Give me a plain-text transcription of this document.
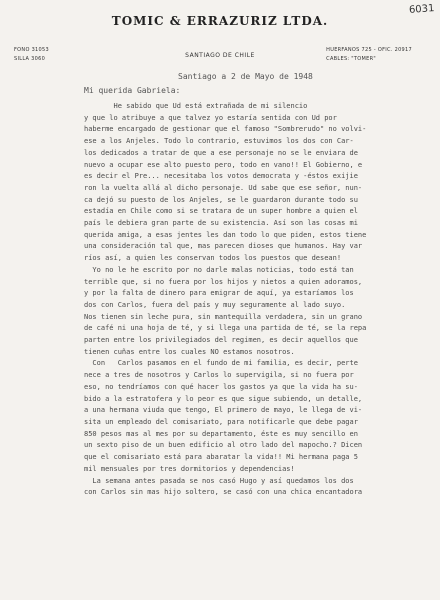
6031
TOMIC & ERRAZURIZ LTDA.
FONO 31053
SILLA 3060	SANTIAGO DE CHILE
HUERFANOS 725 - OFIC. 20917
CABLES: "TOMER"
Santiago a 2 de Mayo de 1948
Mi querida Gabriela:
He sabido que Ud está extrañada de mi silencio
y que lo atribuye a que talvez yo estaría sentida con Ud por
haberme encargado de gestionar que el famoso "Sombrerudo" no volvi-
ese a los Anjeles. Todo lo contrario, estuvimos los dos con Car-
los dedicados a tratar de que a ese personaje no se le enviara de
nuevo a ocupar ese alto puesto pero, todo en vano!! El Gobierno, e
es decir el Pre... necesitaba los votos democrata y -éstos exijie
ron la vuelta allá al dicho personaje. Ud sabe que ese señor, nun-
ca dejó su puesto de los Anjeles, se le guardaron durante todo su
estadía en Chile como si se tratara de un super hombre a quien el
país le debiera gran parte de su existencia. Así son las cosas mi
querida amiga, a esas jentes les dan todo lo que piden, estos tiene
una consideración tal que, mas parecen dioses que humanos. Hay var
ríos así, a quien les conservan todos los puestos que desean!
Yo no le he escrito por no darle malas noticias, todo está tan
terrible que, si no fuera por los hijos y nietos a quien adoramos,
y por la falta de dinero para emigrar de aquí, ya estaríamos los
dos con Carlos, fuera del país y muy seguramente al lado suyo.
Nos tienen sin leche pura, sin mantequilla verdadera, sin un grano
de café ni una hoja de té, y si llega una partida de té, se la repa
parten entre los privilegiados del regimen, es decir aquellos que
tienen cuñas entre los cuales NO estamos nosotros.
Con   Carlos pasamos en el fundo de mi familia, es decir, perte
nece a tres de nosotros y Carlos lo supervigila, si no fuera por
eso, no tendríamos con qué hacer los gastos ya que la vida ha su-
bido a la estratofera y lo peor es que sigue subiendo, un detalle,
a una hermana viuda que tengo, El primero de mayo, le llega de vi-
sita un empleado del comisariato, para notificarle que debe pagar
850 pesos mas al mes por su departamento, éste es muy sencillo en
un sexto piso de un buen edificio al otro lado del mapocho.? Dicen
que el comisariato está para abaratar la vida!! Mi hermana paga 5
mil mensuales por tres dormitorios y dependencias!
La semana antes pasada se nos casó Hugo y así quedamos los dos
con Carlos sin mas hijo soltero, se casó con una chica encantadora
